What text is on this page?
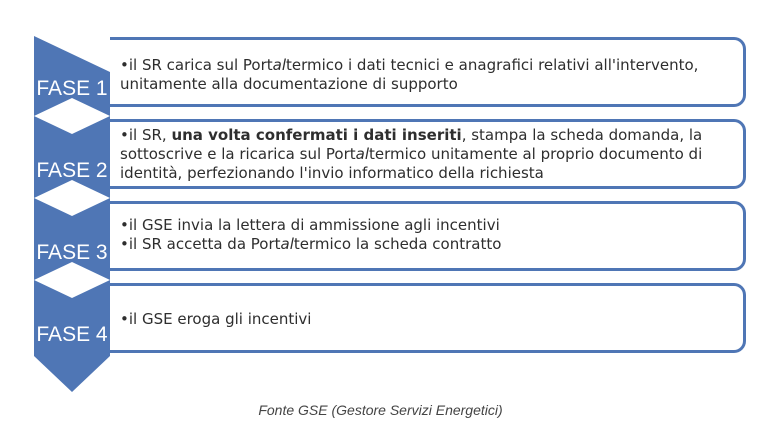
FASE 1
FASE 2
FASE 3
FASE 4
•il SR carica sul Portaltermico i dati tecnici e anagrafici relativi all'intervento, unitamente alla documentazione di supporto
•il SR, una volta confermati i dati inseriti, stampa la scheda domanda, la sottoscrive e la ricarica sul Portaltermico unitamente al proprio documento di identità, perfezionando l'invio informatico della richiesta
•il GSE invia la lettera di ammissione agli incentivi
•il SR accetta da Portaltermico la scheda contratto
•il GSE eroga gli incentivi
Fonte GSE (Gestore Servizi Energetici)
